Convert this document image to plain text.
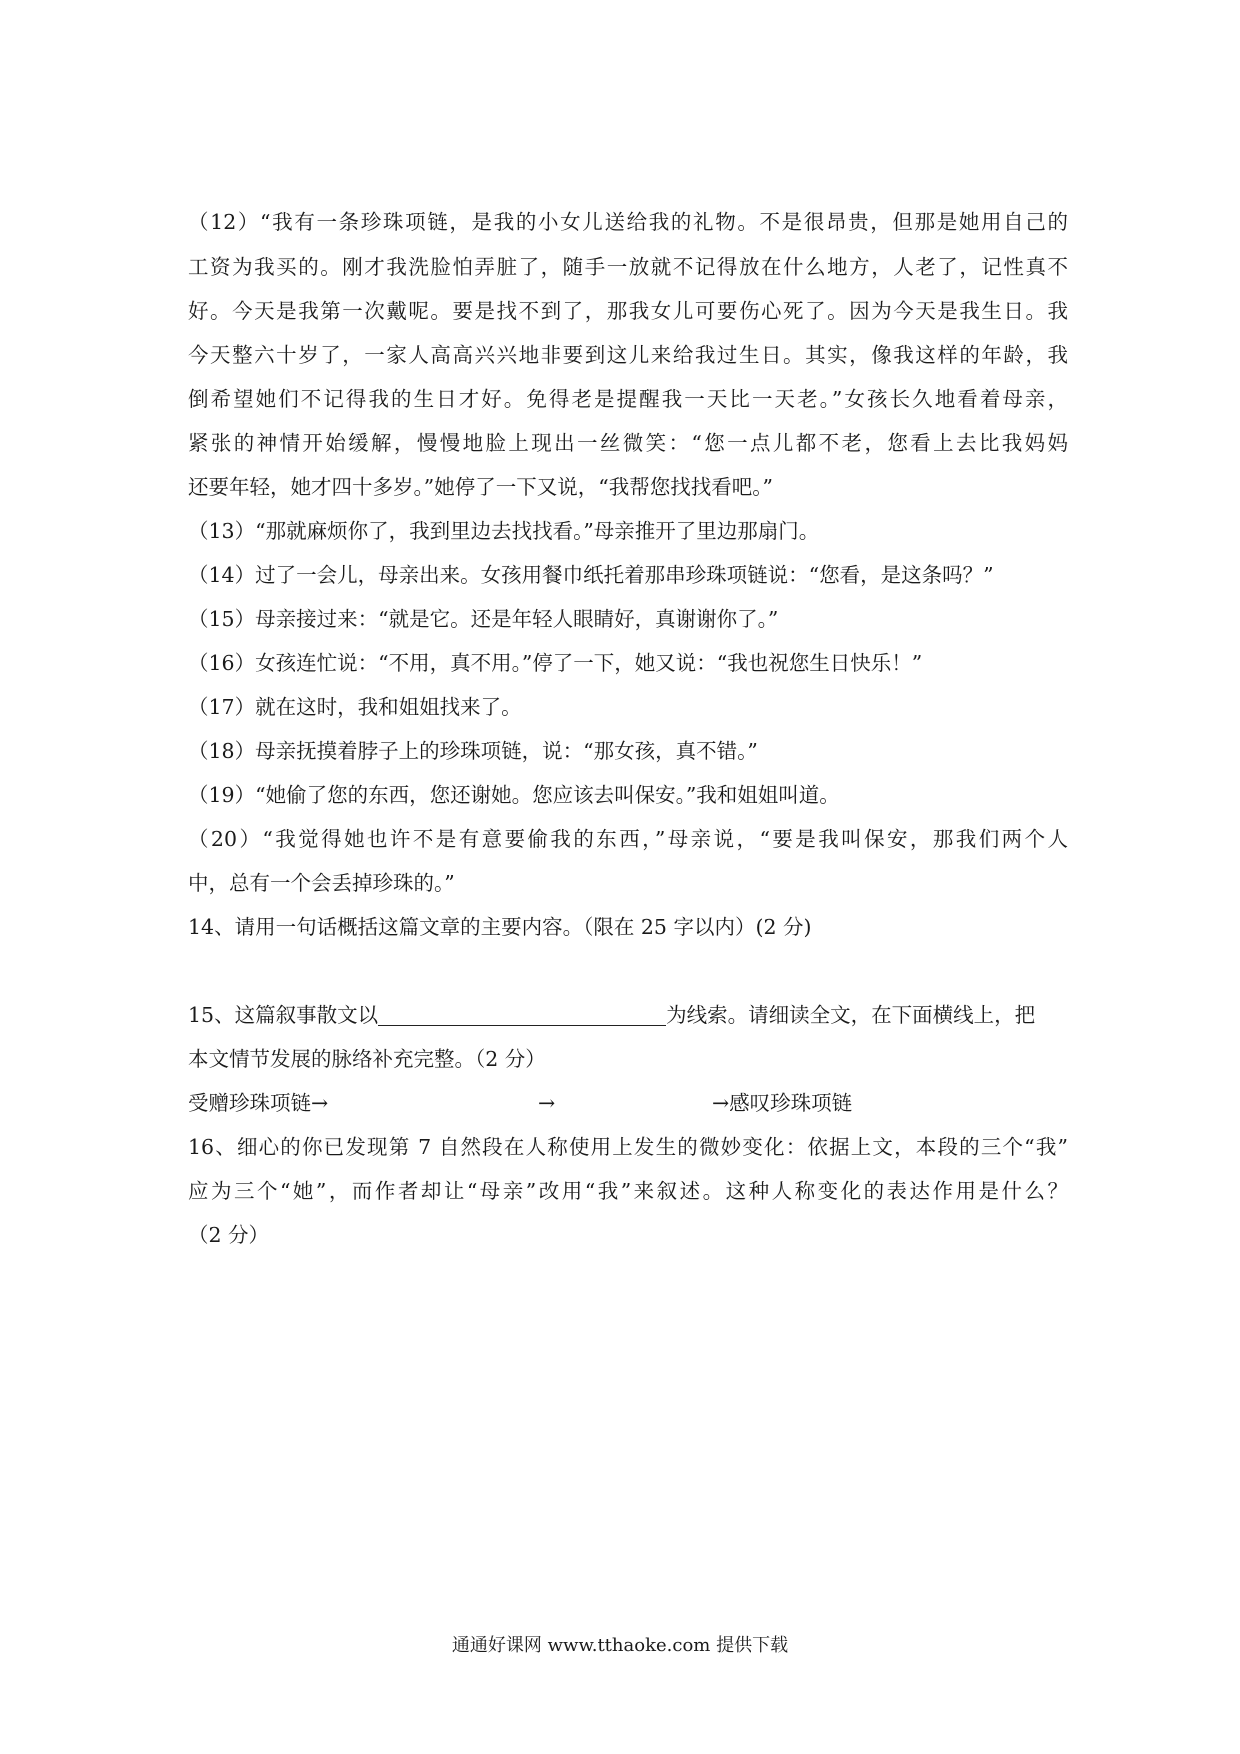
（12）“我有一条珍珠项链，是我的小女儿送给我的礼物。不是很昂贵，但那是她用自己的
工资为我买的。刚才我洗脸怕弄脏了，随手一放就不记得放在什么地方，人老了，记性真不
好。今天是我第一次戴呢。要是找不到了，那我女儿可要伤心死了。因为今天是我生日。我
今天整六十岁了，一家人高高兴兴地非要到这儿来给我过生日。其实，像我这样的年龄，我
倒希望她们不记得我的生日才好。免得老是提醒我一天比一天老。”女孩长久地看着母亲，
紧张的神情开始缓解，慢慢地脸上现出一丝微笑：“您一点儿都不老，您看上去比我妈妈
还要年轻，她才四十多岁。”她停了一下又说，“我帮您找找看吧。”
（13）“那就麻烦你了，我到里边去找找看。”母亲推开了里边那扇门。
（14）过了一会儿，母亲出来。女孩用餐巾纸托着那串珍珠项链说：“您看，是这条吗？”
（15）母亲接过来：“就是它。还是年轻人眼睛好，真谢谢你了。”
（16）女孩连忙说：“不用，真不用。”停了一下，她又说：“我也祝您生日快乐！”
（17）就在这时，我和姐姐找来了。
（18）母亲抚摸着脖子上的珍珠项链，说：“那女孩，真不错。”
（19）“她偷了您的东西，您还谢她。您应该去叫保安。”我和姐姐叫道。
（20）“我觉得她也许不是有意要偷我的东西，”母亲说，“要是我叫保安，那我们两个人
中，总有一个会丢掉珍珠的。”
14、请用一句话概括这篇文章的主要内容。（限在 25 字以内）(2 分)
15、这篇叙事散文以	为线索。请细读全文，在下面横线上，把
本文情节发展的脉络补充完整。（2 分）
受赠珍珠项链→	→	→感叹珍珠项链
16、细心的你已发现第 7 自然段在人称使用上发生的微妙变化：依据上文，本段的三个“我”
应为三个“她”，而作者却让“母亲”改用“我”来叙述。这种人称变化的表达作用是什么？
（2 分）
通通好课网 www.tthaoke.com 提供下载
